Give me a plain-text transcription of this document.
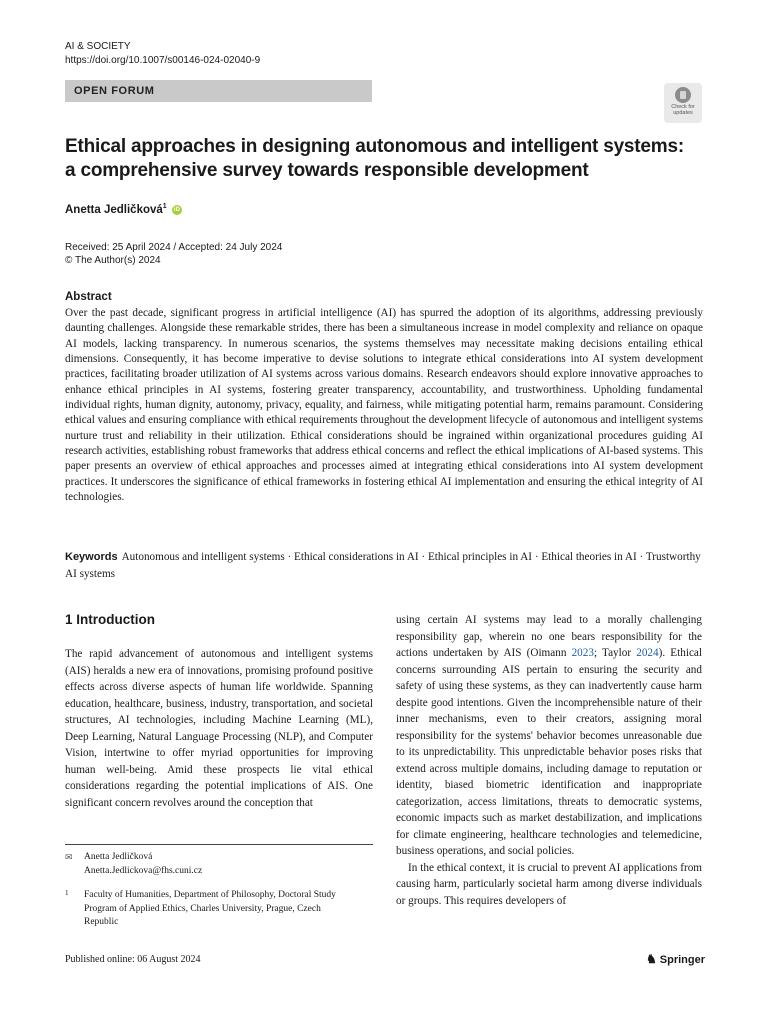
AI & SOCIETY
https://doi.org/10.1007/s00146-024-02040-9
OPEN FORUM
Check for
updates
Ethical approaches in designing autonomous and intelligent systems:
a comprehensive survey towards responsible development
Anetta Jedličková$^1$ iD
Received: 25 April 2024 / Accepted: 24 July 2024
© The Author(s) 2024
Abstract

Over the past decade, significant progress in artificial intelligence (AI) has spurred the adoption of its algorithms, addressing previously daunting challenges. Alongside these remarkable strides, there has been a simultaneous increase in model complexity and reliance on opaque AI models, lacking transparency. In numerous scenarios, the systems themselves may necessitate making decisions entailing ethical dimensions. Consequently, it has become imperative to devise solutions to integrate ethical considerations into AI system development practices, facilitating broader utilization of AI systems across various domains. Research endeavors should explore innovative approaches to enhance ethical principles in AI systems, fostering greater transparency, accountability, and trustworthiness. Upholding fundamental individual rights, human dignity, autonomy, privacy, equality, and fairness, while mitigating potential harm, remains paramount. Considering ethical values and ensuring compliance with ethical requirements throughout the development lifecycle of autonomous and intelligent systems nurture trust and reliability in their utilization. Ethical considerations should be ingrained within organizational procedures guiding AI research activities, establishing robust frameworks that address ethical concerns and reflect the ethical implications of AI-based systems. This paper presents an overview of ethical approaches and processes aimed at integrating ethical considerations into AI system development practices. It underscores the significance of ethical frameworks in fostering ethical AI implementation and ensuring the ethical integrity of AI technologies.

Keywords Autonomous and intelligent systems · Ethical considerations in AI · Ethical principles in AI · Ethical theories in AI · Trustworthy AI systems

1 Introduction

The rapid advancement of autonomous and intelligent systems (AIS) heralds a new era of innovations, promising profound positive effects across diverse aspects of human life worldwide. Spanning education, healthcare, business, industry, transportation, and societal structures, AI technologies, including Machine Learning (ML), Deep Learning, Natural Language Processing (NLP), and Computer Vision, intertwine to offer myriad opportunities for improving human well-being. Amid these prospects lie vital ethical considerations regarding the potential implications of AIS. One significant concern revolves around the conception that

✉ Anetta Jedličková
Anetta.Jedlickova@fhs.cuni.cz
1 Faculty of Humanities, Department of Philosophy, Doctoral Study Program of Applied Ethics, Charles University, Prague, Czech Republic

using certain AI systems may lead to a morally challenging responsibility gap, wherein no one bears responsibility for the actions undertaken by AIS (Oimann 2023; Taylor 2024). Ethical concerns surrounding AIS pertain to ensuring the security and safety of using these systems, as they can inadvertently cause harm despite good intentions. Given the incomprehensible nature of their inner mechanisms, even to their creators, assigning moral responsibility for the systems' behavior becomes unreasonable due to its unpredictability. This unpredictable behavior poses risks that extend across multiple domains, including damage to reputation or identity, biased biometric identification and inappropriate categorization, access limitations, threats to democratic systems, economic impacts such as market destabilization, and implications for climate engineering, healthcare technologies and telemedicine, business operations, and social policies.
In the ethical context, it is crucial to prevent AI applications from causing harm, particularly societal harm among diverse individuals or groups. This requires developers of

Published online: 06 August 2024	♞ Springer
